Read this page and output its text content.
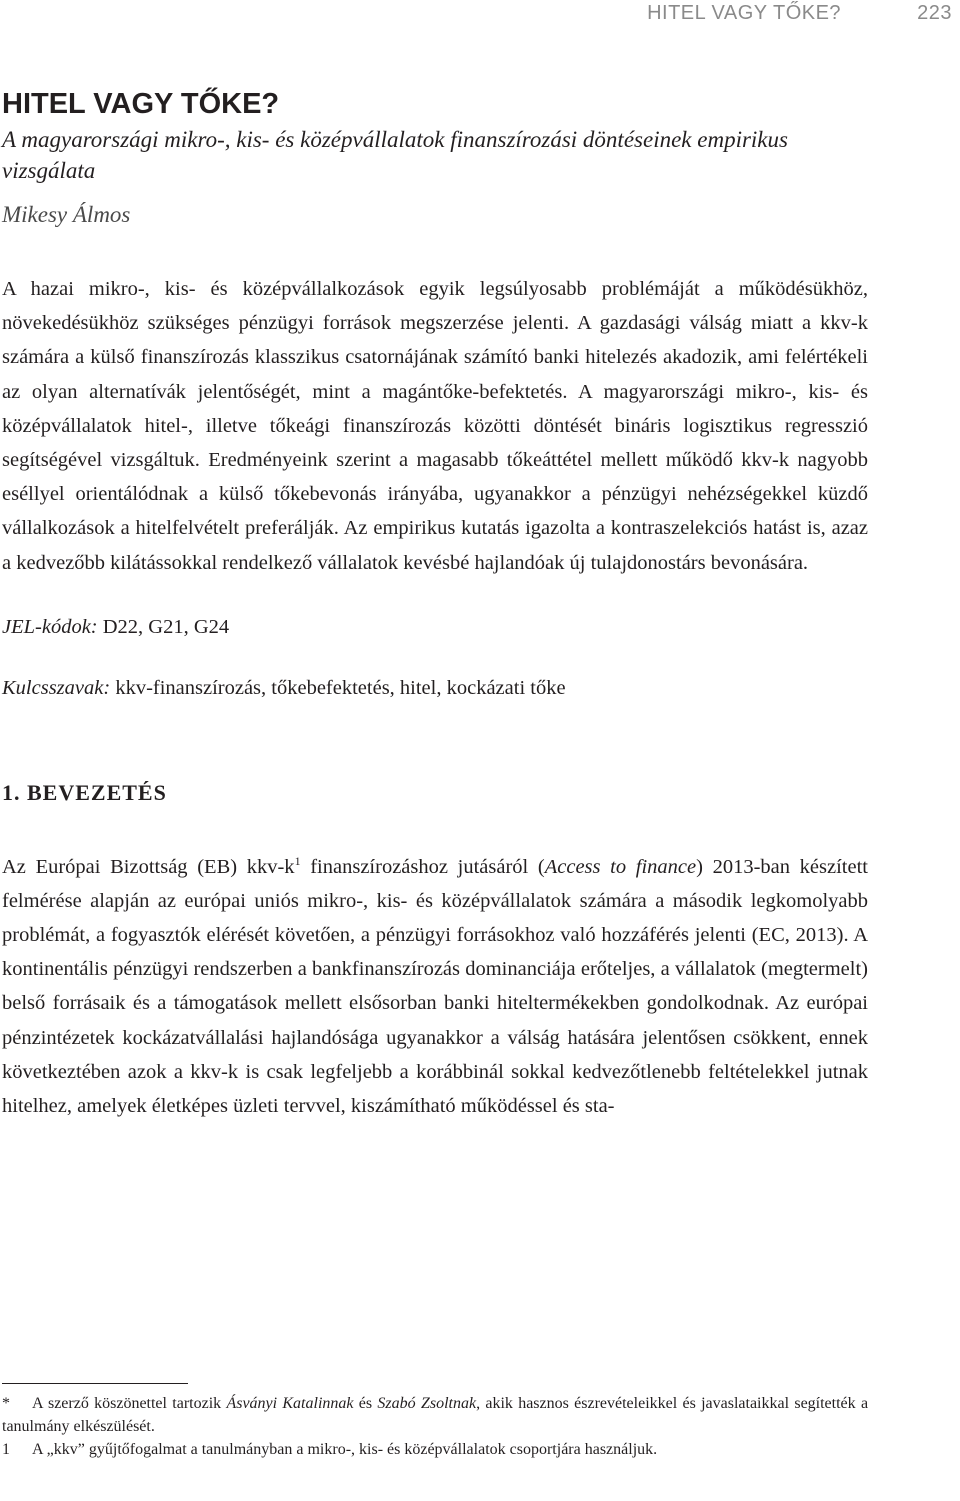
HITEL VAGY TŐKE?	223
HITEL VAGY TŐKE?

A magyarországi mikro-, kis- és középvállalatok finanszírozási döntéseinek empirikus vizsgálata

Mikesy Álmos

A hazai mikro-, kis- és középvállalkozások egyik legsúlyosabb problémáját a működésükhöz, növekedésükhöz szükséges pénzügyi források megszerzése jelenti. A gazdasági válság miatt a kkv-k számára a külső finanszírozás klasszikus csatornájának számító banki hitelezés akadozik, ami felértékeli az olyan alternatívák jelentőségét, mint a magántőke-befektetés. A magyarországi mikro-, kis- és középvállalatok hitel-, illetve tőkeági finanszírozás közötti döntését bináris logisztikus regresszió segítségével vizsgáltuk. Eredményeink szerint a magasabb tőkeáttétel mellett működő kkv-k nagyobb eséllyel orientálódnak a külső tőkebevonás irányába, ugyanakkor a pénzügyi nehézségekkel küzdő vállalkozások a hitelfelvételt preferálják. Az empirikus kutatás igazolta a kontraszelekciós hatást is, azaz a kedvezőbb kilátássokkal rendelkező vállalatok kevésbé hajlandóak új tulajdonostárs bevonására.

JEL-kódok: D22, G21, G24

Kulcsszavak: kkv-finanszírozás, tőkebefektetés, hitel, kockázati tőke

1. BEVEZETÉS

Az Európai Bizottság (EB) kkv-$k^1$ finanszírozáshoz jutásáról (Access to finance) 2013-ban készített felmérése alapján az európai uniós mikro-, kis- és középvállalatok számára a második legkomolyabb problémát, a fogyasztók elérését követően, a pénzügyi forrásokhoz való hozzáférés jelenti (EC, 2013). A kontinentális pénzügyi rendszerben a bankfinanszírozás dominanciája erőteljes, a vállalatok (megtermelt) belső forrásaik és a támogatások mellett elsősorban banki hiteltermékekben gondolkodnak. Az európai pénzintézetek kockázatvállalási hajlandósága ugyanakkor a válság hatására jelentősen csökkent, ennek következtében azok a kkv-k is csak legfeljebb a korábbinál sokkal kedvezőtlenebb feltételekkel jutnak hitelhez, amelyek életképes üzleti tervvel, kiszámítható működéssel és sta-

* A szerző köszönettel tartozik Ásványi Katalinnak és Szabó Zsoltnak, akik hasznos észrevételeikkel és javaslataikkal segítették a tanulmány elkészülését.

1 A „kkv” gyűjtőfogalmat a tanulmányban a mikro-, kis- és középvállalatok csoportjára használjuk.
